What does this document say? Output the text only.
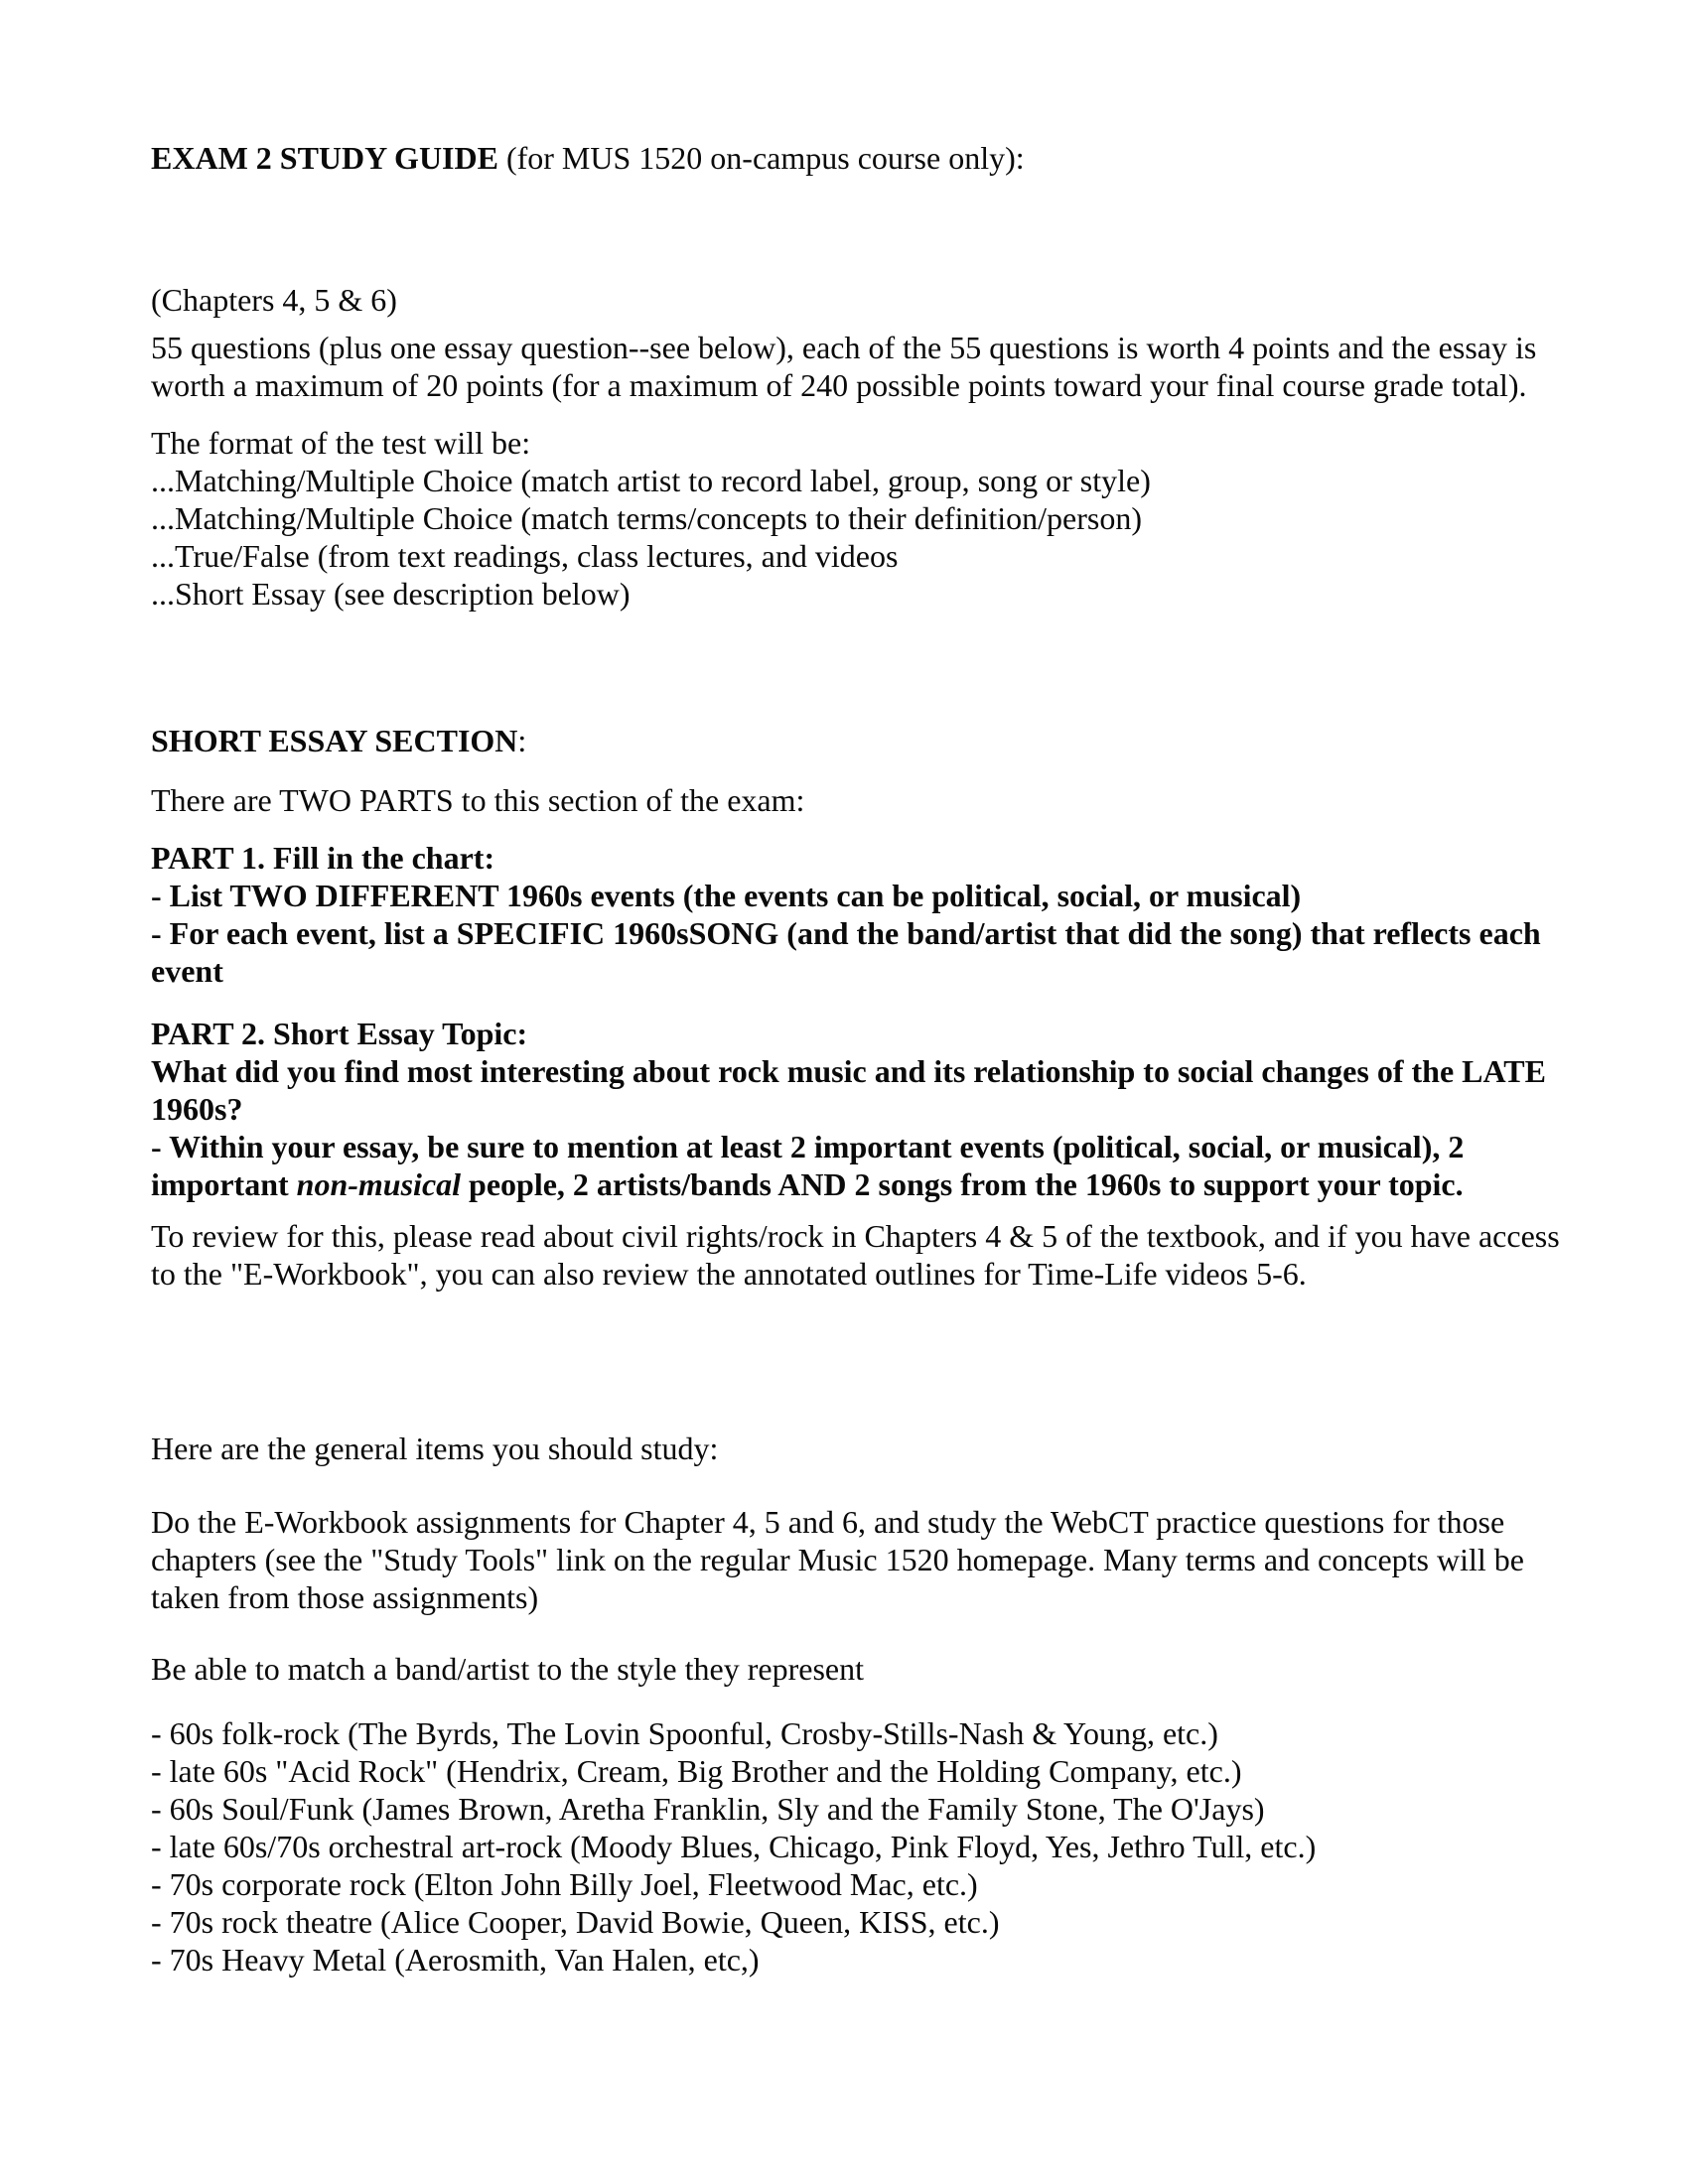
EXAM 2 STUDY GUIDE (for MUS 1520 on-campus course only):

(Chapters 4, 5 & 6)

55 questions (plus one essay question--see below), each of the 55 questions is worth 4 points and the essay is worth a maximum of 20 points (for a maximum of 240 possible points toward your final course grade total).

The format of the test will be:

...Matching/Multiple Choice (match artist to record label, group, song or style)

...Matching/Multiple Choice (match terms/concepts to their definition/person)

...True/False (from text readings, class lectures, and videos

...Short Essay (see description below)

SHORT ESSAY SECTION:

There are TWO PARTS to this section of the exam:

PART 1. Fill in the chart:

- List TWO DIFFERENT 1960s events (the events can be political, social, or musical)

- For each event, list a SPECIFIC 1960sSONG (and the band/artist that did the song) that reflects each event

PART 2. Short Essay Topic:

What did you find most interesting about rock music and its relationship to social changes of the LATE 1960s?

- Within your essay, be sure to mention at least 2 important events (political, social, or musical), 2 important non-musical people, 2 artists/bands AND 2 songs from the 1960s to support your topic.

To review for this, please read about civil rights/rock in Chapters 4 & 5 of the textbook, and if you have access to the "E-Workbook", you can also review the annotated outlines for Time-Life videos 5-6.

Here are the general items you should study:

Do the E-Workbook assignments for Chapter 4, 5 and 6, and study the WebCT practice questions for those chapters (see the "Study Tools" link on the regular Music 1520 homepage. Many terms and concepts will be taken from those assignments)

Be able to match a band/artist to the style they represent

- 60s folk-rock (The Byrds, The Lovin Spoonful, Crosby-Stills-Nash & Young, etc.)

- late 60s "Acid Rock" (Hendrix, Cream, Big Brother and the Holding Company, etc.)

- 60s Soul/Funk (James Brown, Aretha Franklin, Sly and the Family Stone, The O'Jays)

- late 60s/70s orchestral art-rock (Moody Blues, Chicago, Pink Floyd, Yes, Jethro Tull, etc.)

- 70s corporate rock (Elton John Billy Joel, Fleetwood Mac, etc.)

- 70s rock theatre (Alice Cooper, David Bowie, Queen, KISS, etc.)

- 70s Heavy Metal (Aerosmith, Van Halen, etc,)
